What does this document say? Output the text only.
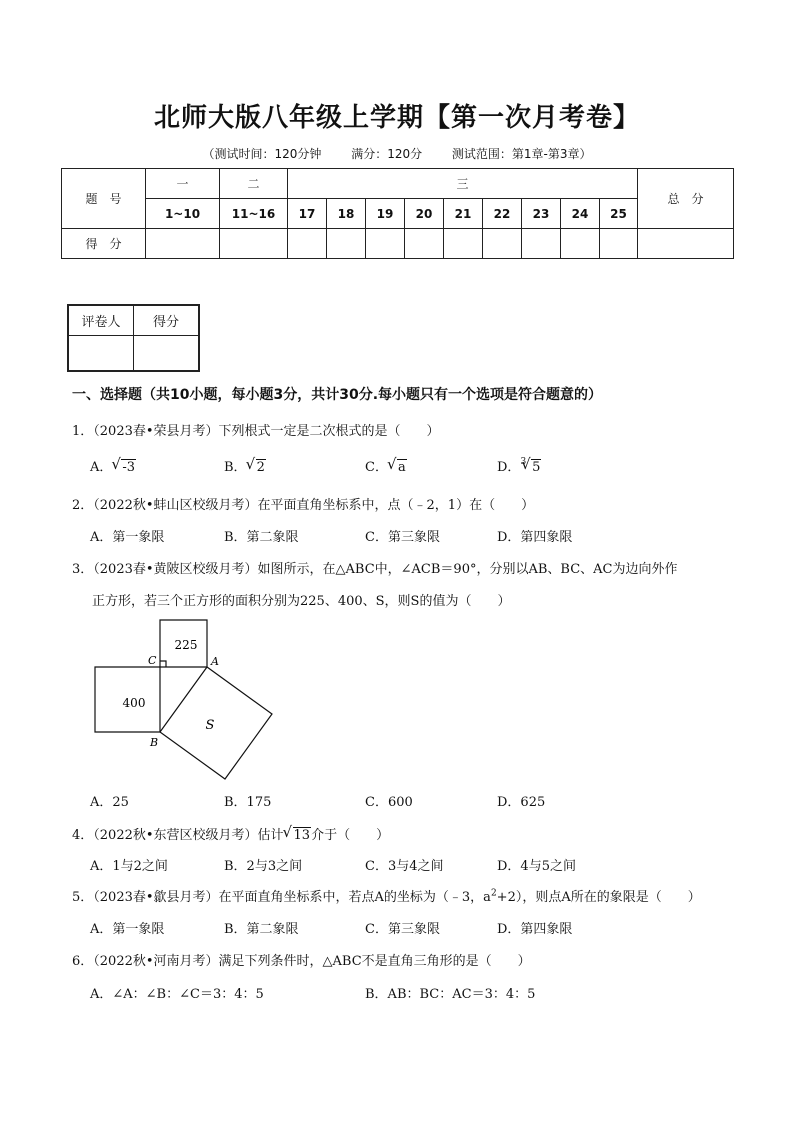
北师大版八年级上学期【第一次月考卷】
（测试时间：120分钟 满分：120分 测试范围：第1章-第3章）
题　号	一	二	三									总　分
	1~10	11~16	17	18	19	20	21	22	23	24	25	
得　分												
评卷人	得分

一、选择题（共10小题，每小题3分，共计30分.每小题只有一个选项是符合题意的）
1．（2023春•荣县月考）下列根式一定是二次根式的是（　　）
A． √ -3	B． √ 2	C． √ a	D．$^3$ √ 5
2．（2022秋•蚌山区校级月考）在平面直角坐标系中，点（﹣2，1）在（　　）
A．第一象限	B．第二象限	C．第三象限	D．第四象限
3．（2023春•黄陂区校级月考）如图所示，在△ABC中，∠ACB＝90°，分别以AB、BC、AC为边向外作
正方形，若三个正方形的面积分别为225、400、S，则S的值为（　　）
225
400
S
A
B
C
A．25	B．175	C．600	D．625
4．（2022秋•东营区校级月考）估计 √ 13介于（　　）
A．1与2之间	B．2与3之间	C．3与4之间	D．4与5之间
5．（2023春•歙县月考）在平面直角坐标系中，若点A的坐标为（﹣3，$a^2+2$），则点A所在的象限是（　　）
A．第一象限	B．第二象限	C．第三象限	D．第四象限
6．（2022秋•河南月考）满足下列条件时，△ABC不是直角三角形的是（　　）
A．∠A：∠B：∠C＝3：4：5	B．AB：BC：AC＝3：4：5
